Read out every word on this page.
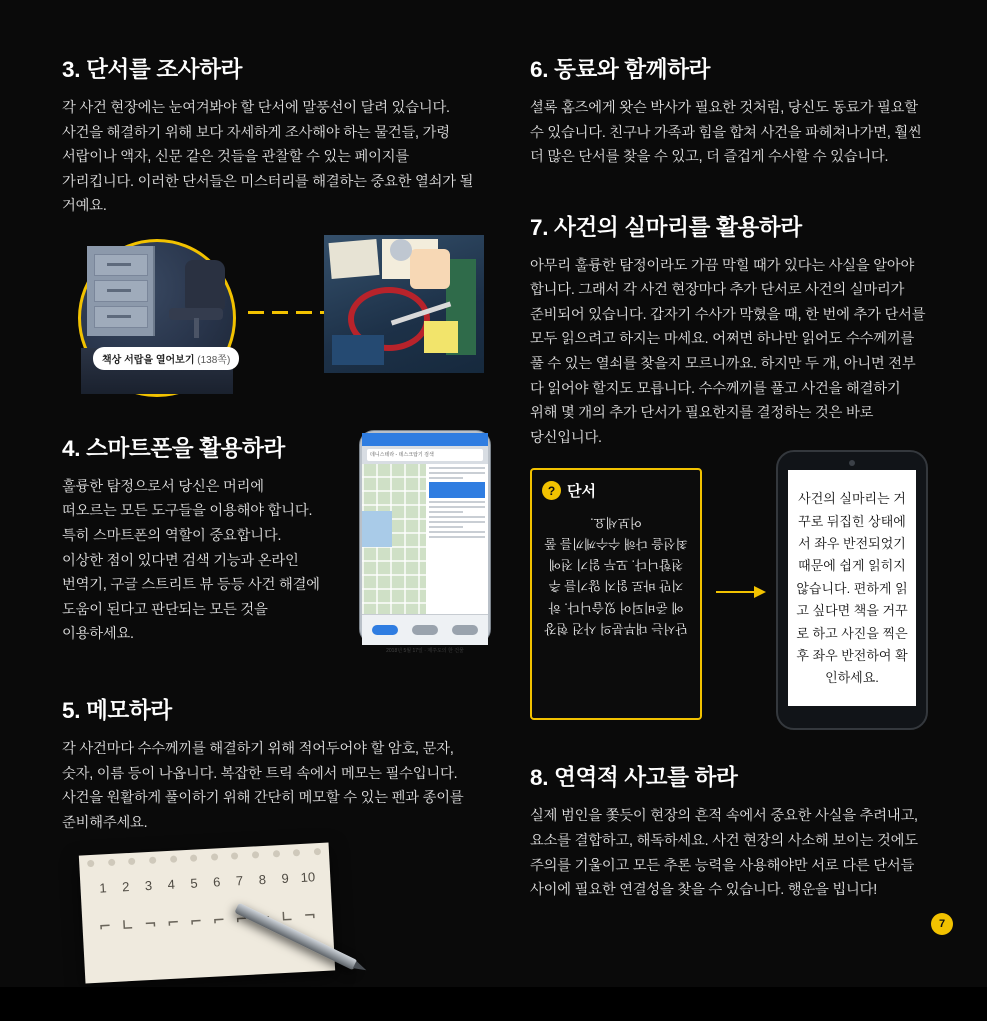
3. 단서를 조사하라

각 사건 현장에는 눈여겨봐야 할 단서에 말풍선이 달려 있습니다. 사건을 해결하기 위해 보다 자세하게 조사해야 하는 물건들, 가령 서랍이나 액자, 신문 같은 것들을 관찰할 수 있는 페이지를 가리킵니다. 이러한 단서들은 미스터리를 해결하는 중요한 열쇠가 될 거예요.

책상 서랍을 열어보기 (138쪽)
4. 스마트폰을 활용하라

훌륭한 탐정으로서 당신은 머리에 떠오르는 모든 도구들을 이용해야 합니다. 특히 스마트폰의 역할이 중요합니다. 이상한 점이 있다면 검색 기능과 온라인 번역기, 구글 스트리트 뷰 등등 사건 해결에 도움이 된다고 판단되는 모든 것을 이용하세요.

데니스테라 - 데스크탑기 검색
2018년 5월 17일 · 제주도의 한 건물
5. 메모하라

각 사건마다 수수께끼를 해결하기 위해 적어두어야 할 암호, 문자, 숫자, 이름 등이 나옵니다. 복잡한 트릭 속에서 메모는 필수입니다. 사건을 원활하게 풀이하기 위해 간단히 메모할 수 있는 펜과 종이를 준비해주세요.

1	2	3	4	5	6	7	8	9 10
⌐ ∟ ¬ ⌐ ⌐ ⌐ ⌐ ∟ ¬
6. 동료와 함께하라

셜록 홈즈에게 왓슨 박사가 필요한 것처럼, 당신도 동료가 필요할 수 있습니다. 친구나 가족과 힘을 합쳐 사건을 파헤쳐나가면, 훨씬 더 많은 단서를 찾을 수 있고, 더 즐겁게 수사할 수 있습니다.

7. 사건의 실마리를 활용하라

아무리 훌륭한 탐정이라도 가끔 막힐 때가 있다는 사실을 알아야 합니다. 그래서 각 사건 현장마다 추가 단서로 사건의 실마리가 준비되어 있습니다. 갑자기 수사가 막혔을 때, 한 번에 추가 단서를 모두 읽으려고 하지는 마세요. 어쩌면 하나만 읽어도 수수께끼를 풀 수 있는 열쇠를 찾을지 모르니까요. 하지만 두 개, 아니면 전부 다 읽어야 할지도 모릅니다. 수수께끼를 풀고 사건을 해결하기 위해 몇 개의 추가 단서가 필요한지를 결정하는 것은 바로 당신입니다.

? 단서
단서는 대부분의 사건 현장에 준비되어 있습니다. 하지만 바로 읽지 않기를 추천합니다. 모두 읽기 전에 최선을 다해 수수께끼를 풀어보세요.
사건의 실마리는 거꾸로 뒤집힌 상태에서 좌우 반전되었기 때문에 쉽게 읽히지 않습니다. 편하게 읽고 싶다면 책을 거꾸로 하고 사진을 찍은 후 좌우 반전하여 확인하세요.
8. 연역적 사고를 하라

실제 범인을 쫓듯이 현장의 흔적 속에서 중요한 사실을 추려내고, 요소를 결합하고, 해독하세요. 사건 현장의 사소해 보이는 것에도 주의를 기울이고 모든 추론 능력을 사용해야만 서로 다른 단서들 사이에 필요한 연결성을 찾을 수 있습니다. 행운을 빕니다!

7
